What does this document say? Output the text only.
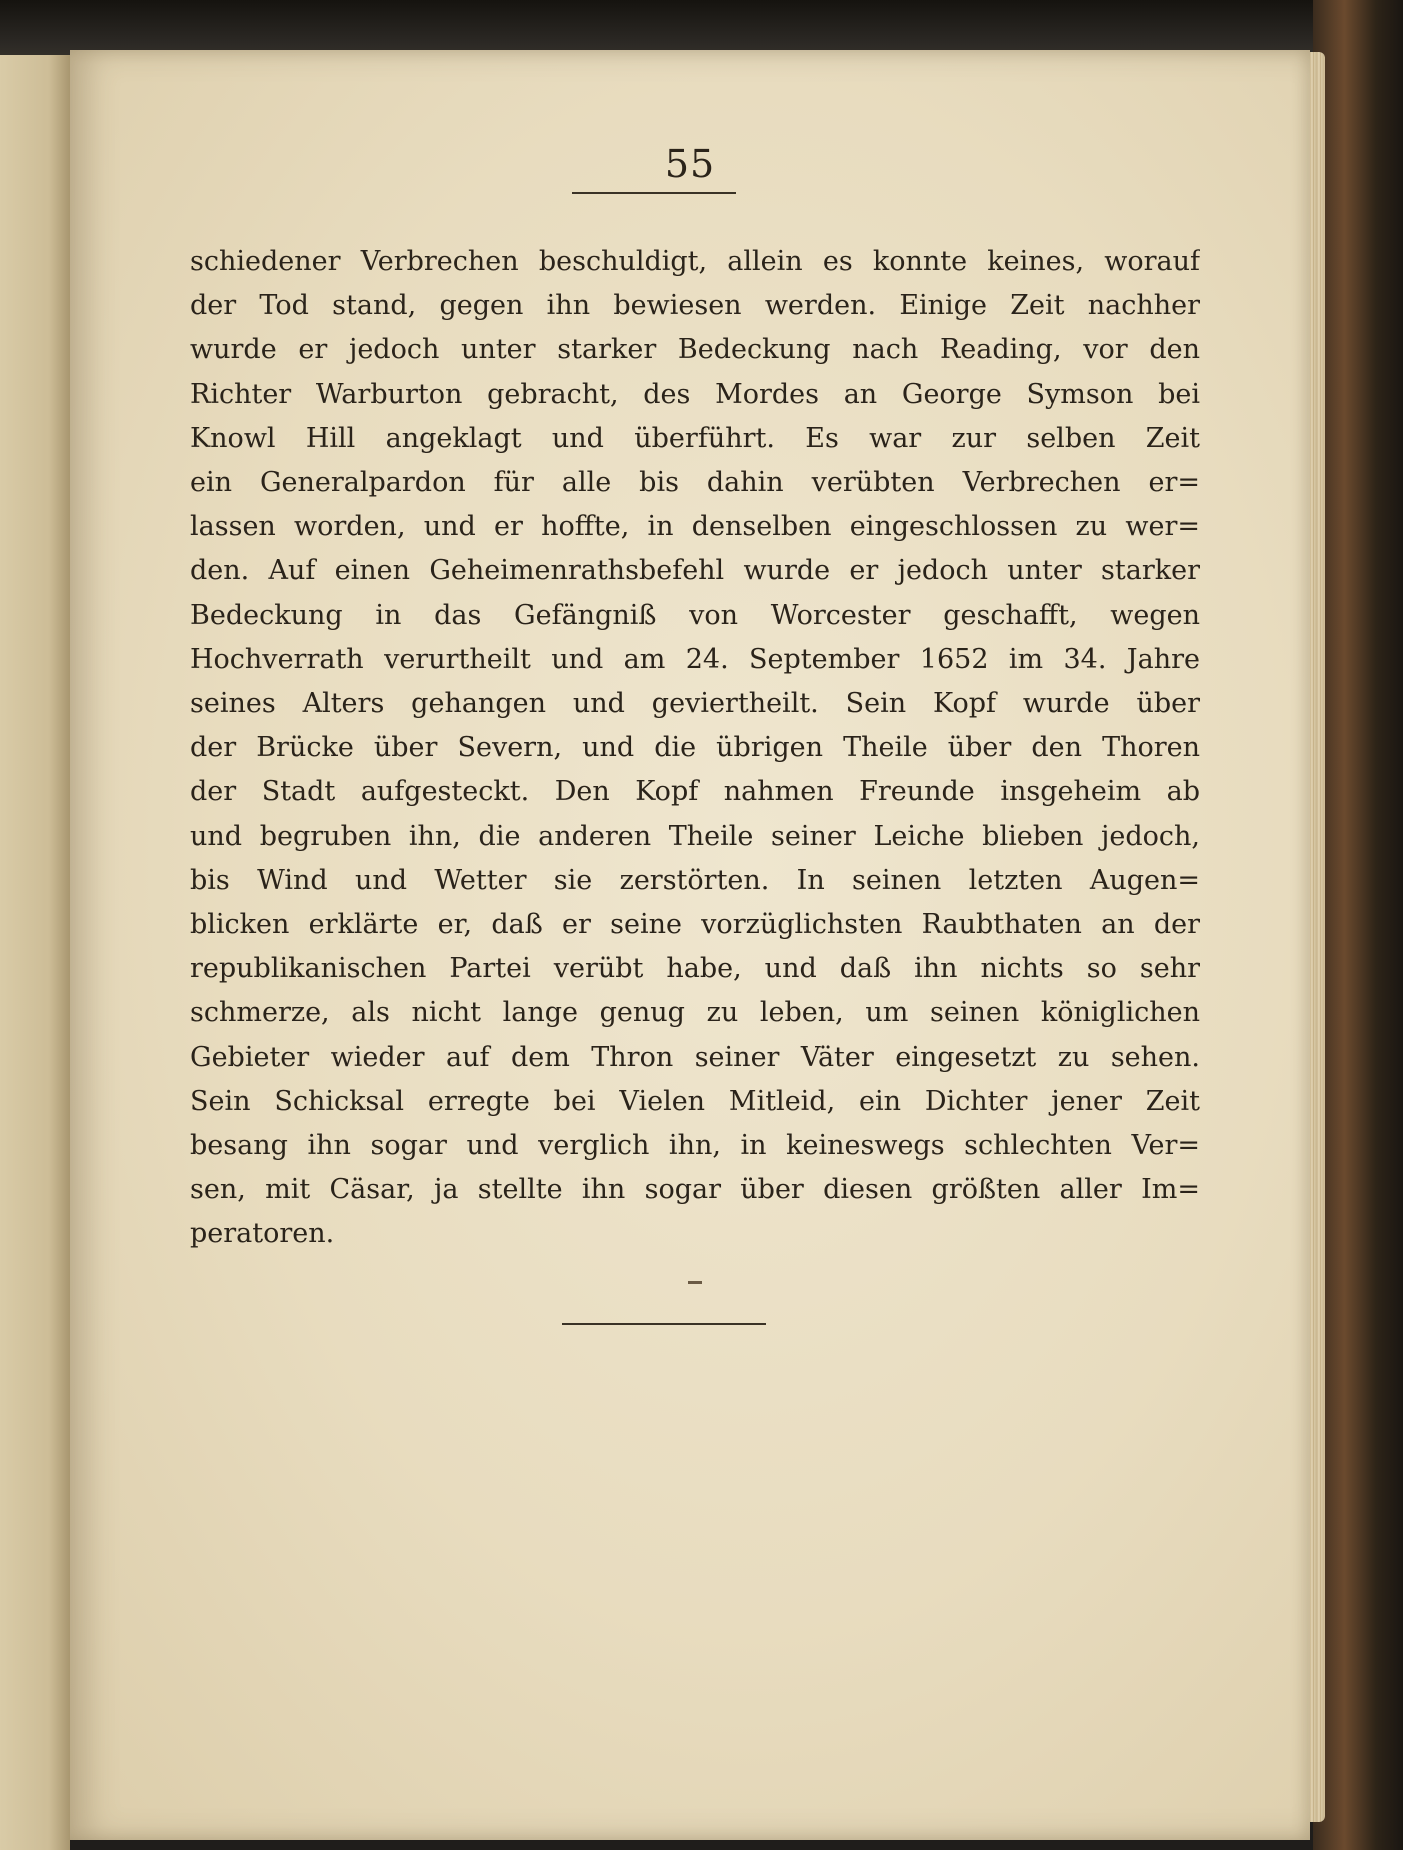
55
schiedener Verbrechen beschuldigt, allein es konnte keines, worauf
der Tod stand, gegen ihn bewiesen werden. Einige Zeit nachher
wurde er jedoch unter starker Bedeckung nach Reading, vor den
Richter Warburton gebracht, des Mordes an George Symson bei
Knowl Hill angeklagt und überführt. Es war zur selben Zeit
ein Generalpardon für alle bis dahin verübten Verbrechen er=
lassen worden, und er hoffte, in denselben eingeschlossen zu wer=
den. Auf einen Geheimenrathsbefehl wurde er jedoch unter starker
Bedeckung in das Gefängniß von Worcester geschafft, wegen
Hochverrath verurtheilt und am 24. September 1652 im 34. Jahre
seines Alters gehangen und geviertheilt. Sein Kopf wurde über
der Brücke über Severn, und die übrigen Theile über den Thoren
der Stadt aufgesteckt. Den Kopf nahmen Freunde insgeheim ab
und begruben ihn, die anderen Theile seiner Leiche blieben jedoch,
bis Wind und Wetter sie zerstörten. In seinen letzten Augen=
blicken erklärte er, daß er seine vorzüglichsten Raubthaten an der
republikanischen Partei verübt habe, und daß ihn nichts so sehr
schmerze, als nicht lange genug zu leben, um seinen königlichen
Gebieter wieder auf dem Thron seiner Väter eingesetzt zu sehen.
Sein Schicksal erregte bei Vielen Mitleid, ein Dichter jener Zeit
besang ihn sogar und verglich ihn, in keineswegs schlechten Ver=
sen, mit Cäsar, ja stellte ihn sogar über diesen größten aller Im=
peratoren.
